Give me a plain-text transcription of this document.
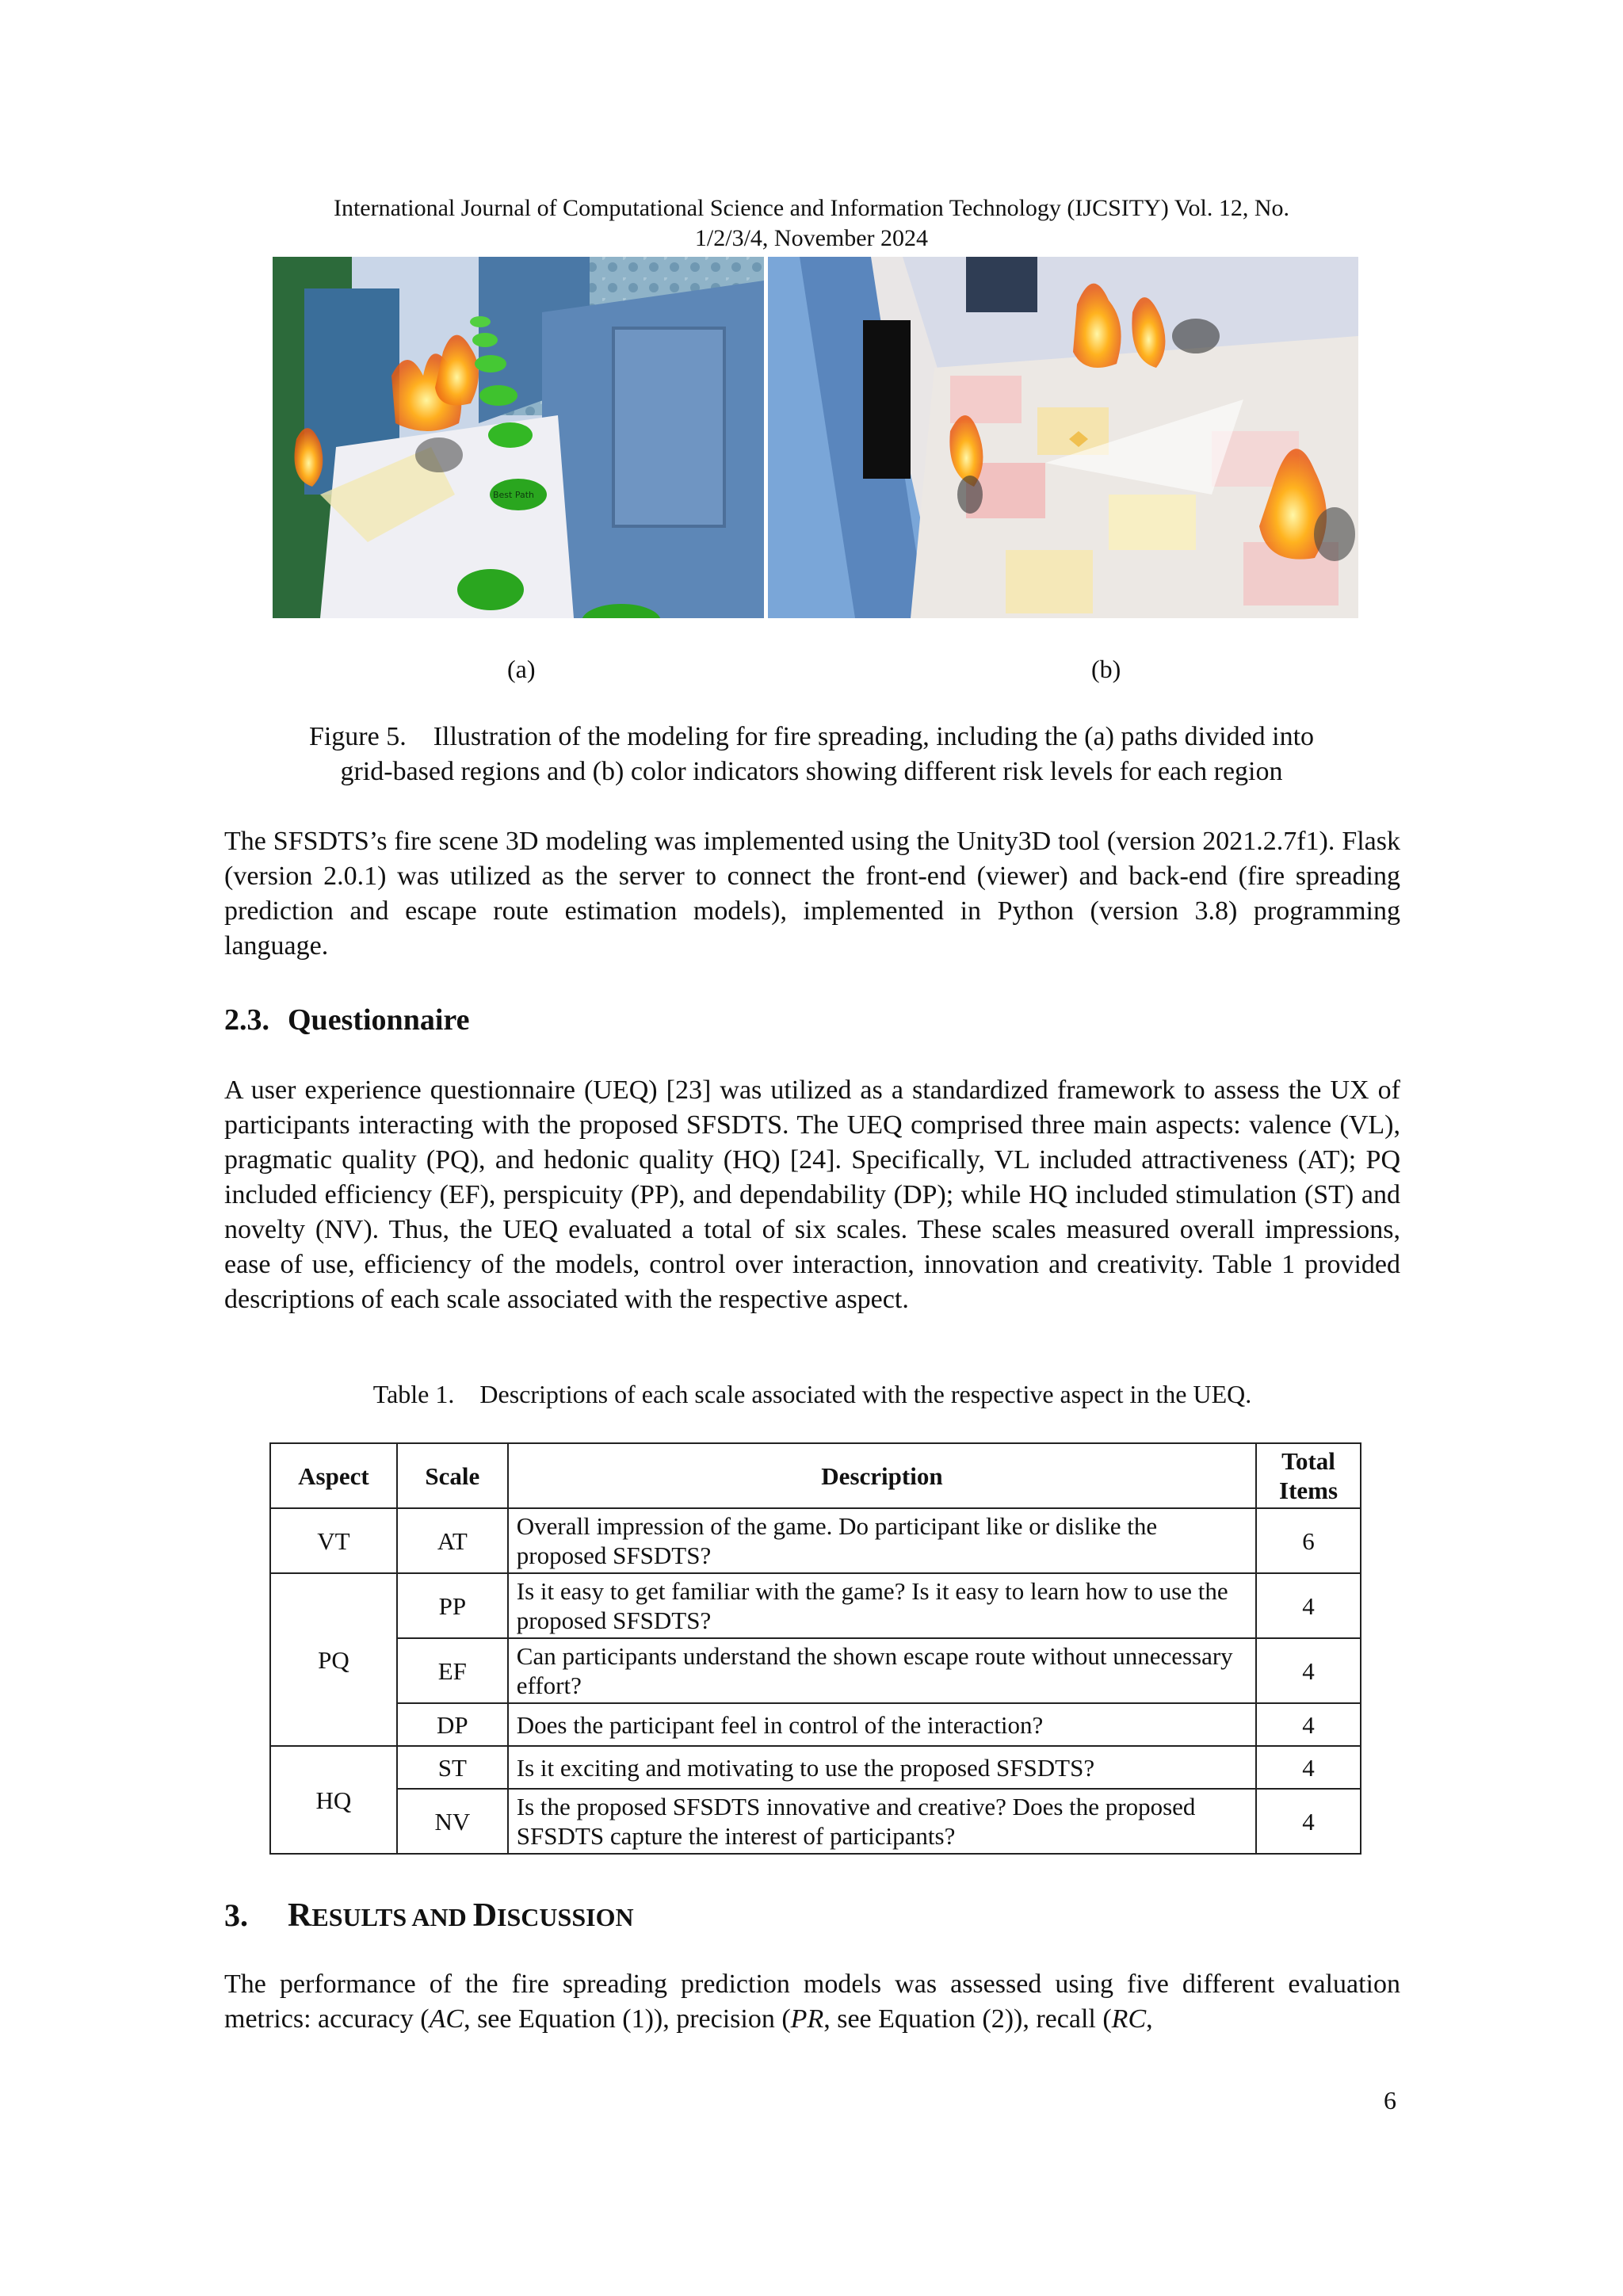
International Journal of Computational Science and Information Technology (IJCSITY) Vol. 12, No.
1/2/3/4, November 2024
Best Path
(a)	(b)
Figure 5.    Illustration of the modeling for fire spreading, including the (a) paths divided into
grid-based regions and (b) color indicators showing different risk levels for each region

The SFSDTS’s fire scene 3D modeling was implemented using the Unity3D tool (version 2021.2.7f1). Flask (version 2.0.1) was utilized as the server to connect the front-end (viewer) and back-end (fire spreading prediction and escape route estimation models), implemented in Python (version 3.8) programming language.

2.3. Questionnaire

A user experience questionnaire (UEQ) [23] was utilized as a standardized framework to assess the UX of participants interacting with the proposed SFSDTS. The UEQ comprised three main aspects: valence (VL), pragmatic quality (PQ), and hedonic quality (HQ) [24]. Specifically, VL included attractiveness (AT); PQ included efficiency (EF), perspicuity (PP), and dependability (DP); while HQ included stimulation (ST) and novelty (NV). Thus, the UEQ evaluated a total of six scales. These scales measured overall impressions, ease of use, efficiency of the models, control over interaction, innovation and creativity. Table 1 provided descriptions of each scale associated with the respective aspect.

Table 1.    Descriptions of each scale associated with the respective aspect in the UEQ.
Aspect	Scale	Description	Total
Items
VT	AT	Overall impression of the game. Do participant like or dislike the proposed SFSDTS?	6
PQ	PP	Is it easy to get familiar with the game? Is it easy to learn how to use the proposed SFSDTS?	4
	EF	Can participants understand the shown escape route without unnecessary effort?	4
	DP	Does the participant feel in control of the interaction?	4
HQ	ST	Is it exciting and motivating to use the proposed SFSDTS?	4
	NV	Is the proposed SFSDTS innovative and creative? Does the proposed SFSDTS capture the interest of participants?	4
3. RESULTS AND DISCUSSION

The performance of the fire spreading prediction models was assessed using five different evaluation metrics: accuracy (AC, see Equation (1)), precision (PR, see Equation (2)), recall (RC,

6
